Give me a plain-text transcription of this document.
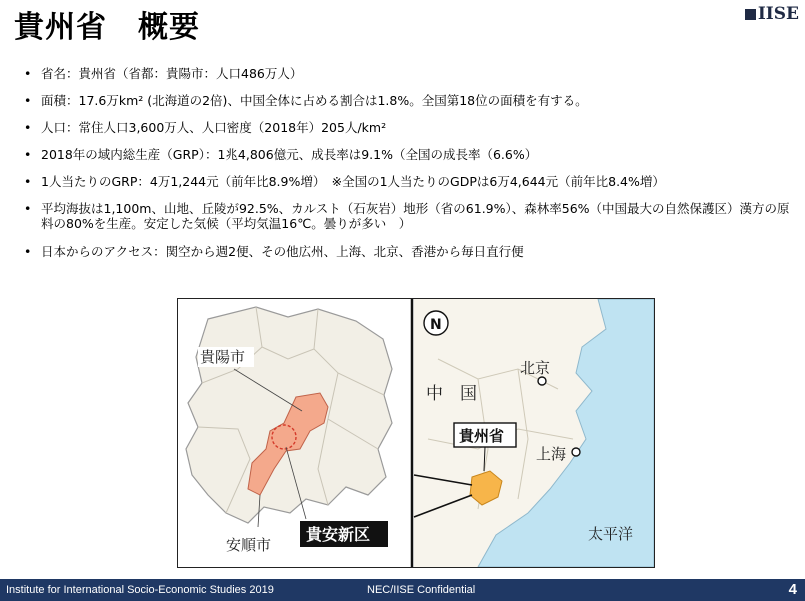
貴州省　概要	IISE
• 省名：貴州省（省都：貴陽市：人口486万人）
• 面積：17.6万km² (北海道の2倍)、中国全体に占める割合は1.8%。全国第18位の面積を有する。
• 人口：常住人口3,600万人、人口密度（2018年）205人/km²
• 2018年の域内総生産（GRP）：1兆4,806億元、成長率は9.1%（全国の成長率（6.6%）
• 1人当たりのGRP：4万1,244元（前年比8.9%増）　※全国の1人当たりのGDPは6万4,644元（前年比8.4%増）
• 平均海抜は1,100m、山地、丘陵が92.5%、カルスト（石灰岩）地形（省の61.9%）、森林率56%（中国最大の自然保護区）漢方の原料の80%を生産。安定した気候（平均気温16℃。曇りが多い　）
• 日本からのアクセス：関空から週2便、その他広州、上海、北京、香港から毎日直行便
貴陽市
安順市
貴安新区
N
北京
中　国
貴州省
上海
太平洋
Institute for International Socio-Economic Studies 2019	NEC/IISE Confidential	4
